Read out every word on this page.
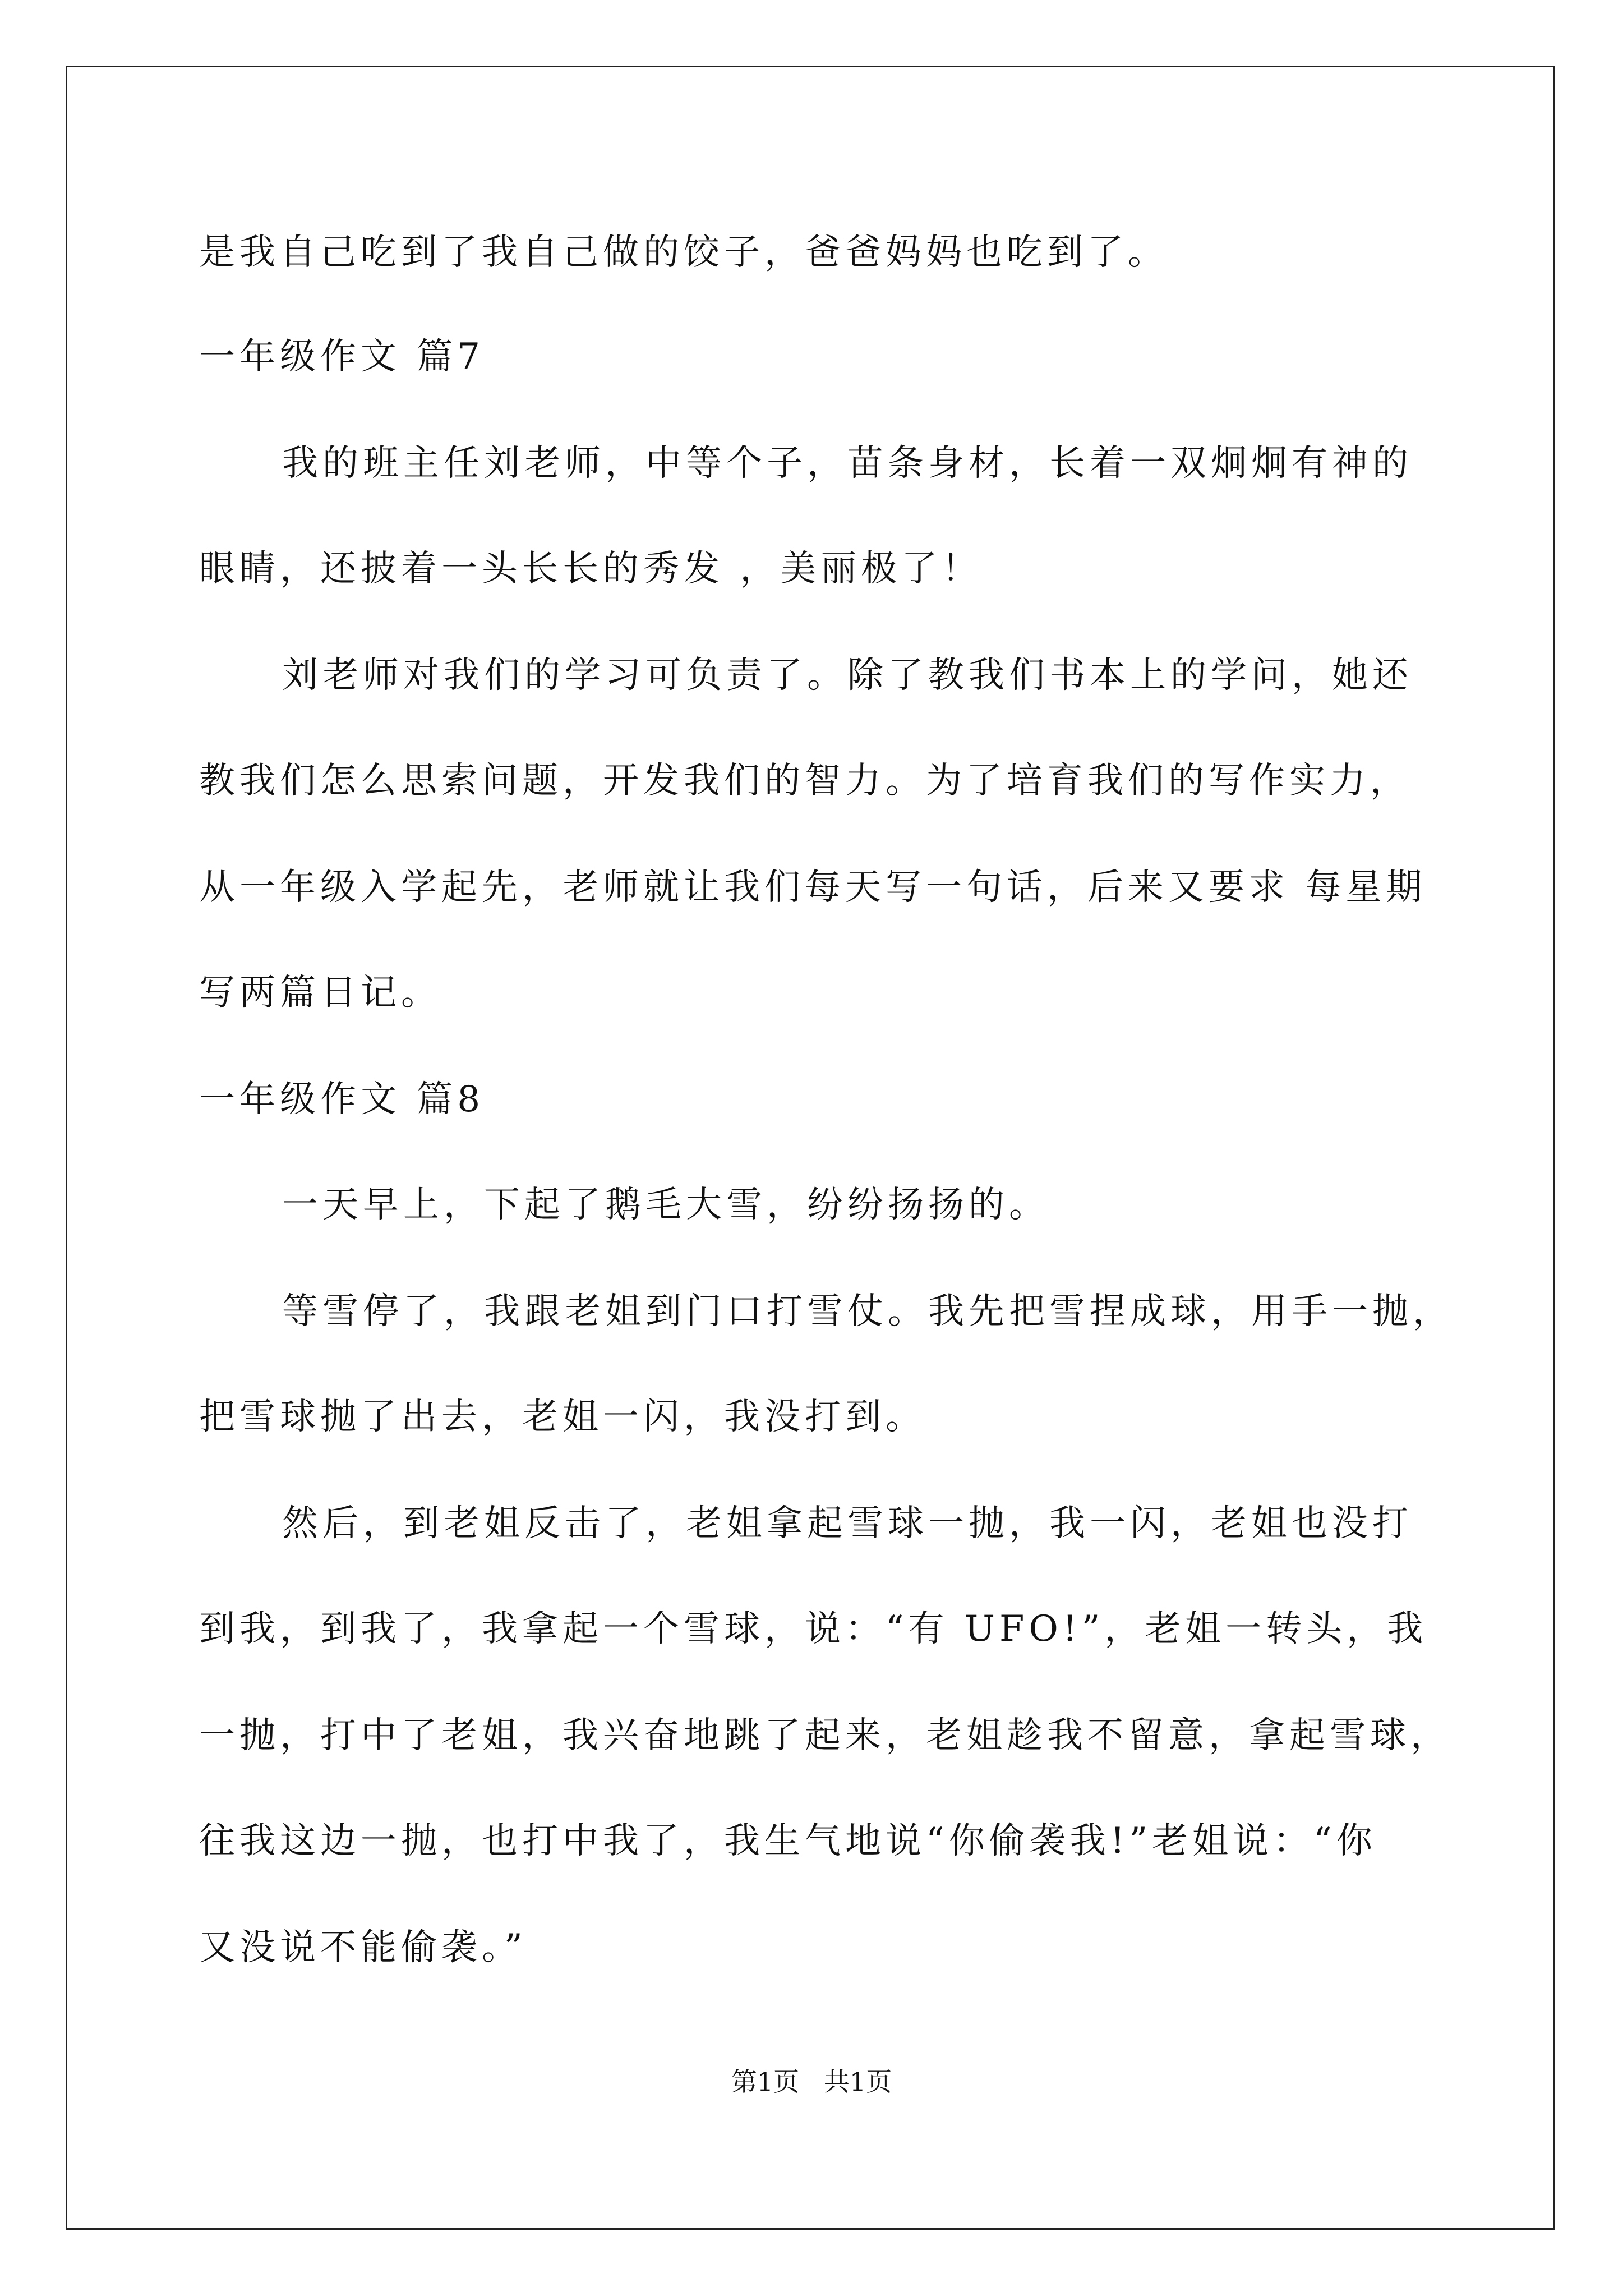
是我自己吃到了我自己做的饺子，爸爸妈妈也吃到了。
一年级作文 篇7
我的班主任刘老师，中等个子，苗条身材，长着一双炯炯有神的
眼睛，还披着一头长长的秀发 ，美丽极了！
刘老师对我们的学习可负责了。除了教我们书本上的学问，她还
教我们怎么思索问题，开发我们的智力。为了培育我们的写作实力，
从一年级入学起先，老师就让我们每天写一句话，后来又要求 每星期
写两篇日记。
一年级作文 篇8
一天早上，下起了鹅毛大雪，纷纷扬扬的。
等雪停了，我跟老姐到门口打雪仗。我先把雪捏成球，用手一抛，
把雪球抛了出去，老姐一闪，我没打到。
然后，到老姐反击了，老姐拿起雪球一抛，我一闪，老姐也没打
到我，到我了，我拿起一个雪球，说：“有 UFO!”，老姐一转头，我
一抛，打中了老姐，我兴奋地跳了起来，老姐趁我不留意，拿起雪球，
往我这边一抛，也打中我了，我生气地说“你偷袭我!”老姐说：“你
又没说不能偷袭。”
第1页   共1页
